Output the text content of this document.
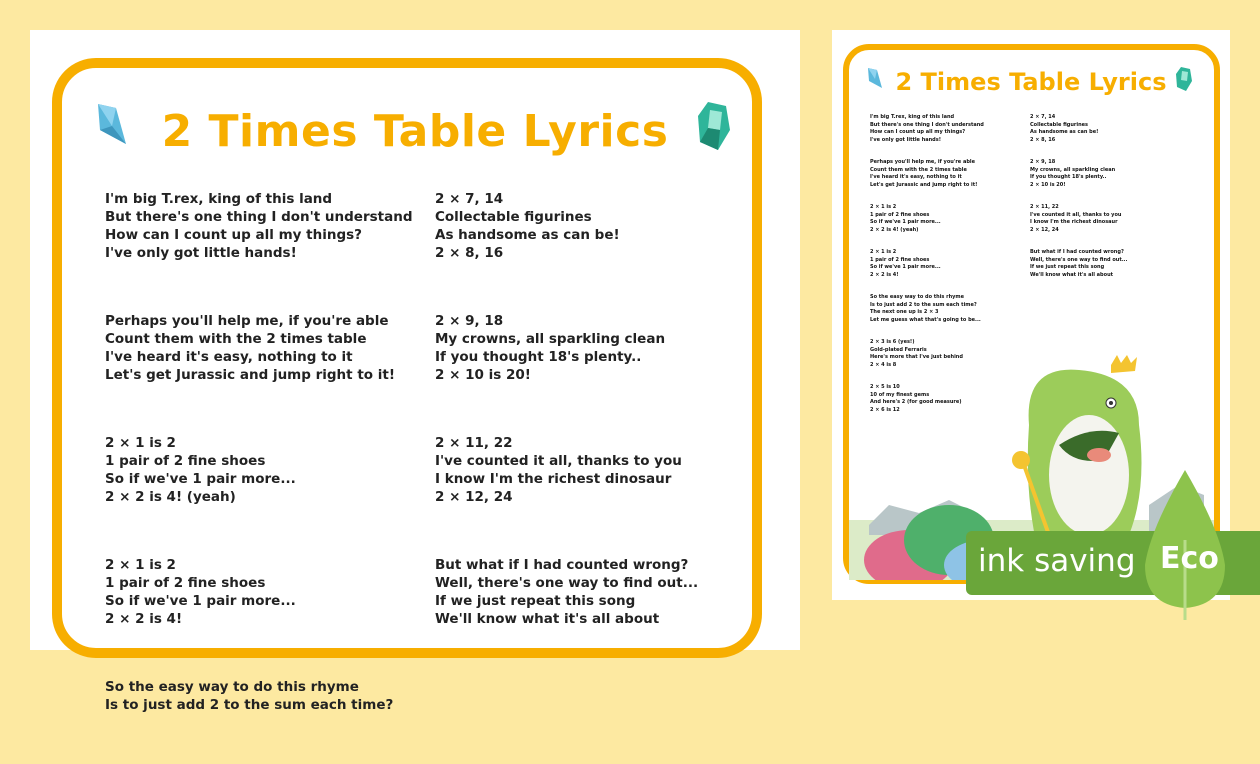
2 Times Table Lyrics
I'm big T.rex, king of this land
But there's one thing I don't understand
How can I count up all my things?
I've only got little hands!
Perhaps you'll help me, if you're able
Count them with the 2 times table
I've heard it's easy, nothing to it
Let's get Jurassic and jump right to it!
2 × 1 is 2
1 pair of 2 fine shoes
So if we've 1 pair more...
2 × 2 is 4! (yeah)
2 × 1 is 2
1 pair of 2 fine shoes
So if we've 1 pair more...
2 × 2 is 4!
So the easy way to do this rhyme
Is to just add 2 to the sum each time?
2 × 7, 14
Collectable figurines
As handsome as can be!
2 × 8, 16
2 × 9, 18
My crowns, all sparkling clean
If you thought 18's plenty..
2 × 10 is 20!
2 × 11, 22
I've counted it all, thanks to you
I know I'm the richest dinosaur
2 × 12, 24
But what if I had counted wrong?
Well, there's one way to find out...
If we just repeat this song
We'll know what it's all about
2 Times Table Lyrics
I'm big T.rex, king of this land
But there's one thing I don't understand
How can I count up all my things?
I've only got little hands!
Perhaps you'll help me, if you're able
Count them with the 2 times table
I've heard it's easy, nothing to it
Let's get Jurassic and jump right to it!
2 × 1 is 2
1 pair of 2 fine shoes
So if we've 1 pair more...
2 × 2 is 4! (yeah)
2 × 1 is 2
1 pair of 2 fine shoes
So if we've 1 pair more...
2 × 2 is 4!
So the easy way to do this rhyme
Is to just add 2 to the sum each time?
The next one up is 2 × 3
Let me guess what that's going to be...
2 × 3 is 6 (yes!)
Gold-plated Ferraris
Here's more that I've just behind
2 × 4 is 8
2 × 5 is 10
10 of my finest gems
And here's 2 (for good measure)
2 × 6 is 12
2 × 7, 14
Collectable figurines
As handsome as can be!
2 × 8, 16
2 × 9, 18
My crowns, all sparkling clean
If you thought 18's plenty..
2 × 10 is 20!
2 × 11, 22
I've counted it all, thanks to you
I know I'm the richest dinosaur
2 × 12, 24
But what if I had counted wrong?
Well, there's one way to find out...
If we just repeat this song
We'll know what it's all about
ink saving Eco
